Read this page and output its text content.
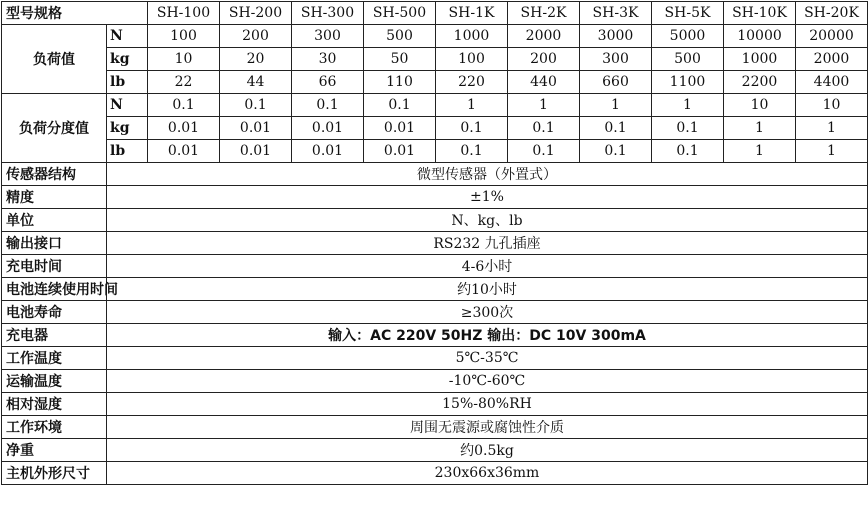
型号规格		SH-100	SH-200	SH-300	SH-500	SH-1K	SH-2K	SH-3K	SH-5K	SH-10K	SH-20K
负荷值	N	100	200	300	500	1000	2000	3000	5000	10000	20000
	kg	10	20	30	50	100	200	300	500	1000	2000
	lb	22	44	66	110	220	440	660	1100	2200	4400
负荷分度值	N	0.1	0.1	0.1	0.1	1	1	1	1	10	10
	kg	0.01	0.01	0.01	0.01	0.1	0.1	0.1	0.1	1	1
	lb	0.01	0.01	0.01	0.01	0.1	0.1	0.1	0.1	1	1
传感器结构	微型传感器（外置式）										
精度	±1%										
单位	N、kg、lb										
输出接口	RS232 九孔插座										
充电时间	4-6小时										
电池连续使用时间	约10小时										
电池寿命	≥300次										
充电器	输入：AC 220V 50HZ 输出：DC 10V 300mA										
工作温度	5℃-35℃										
运输温度	-10℃-60℃										
相对湿度	15%-80%RH										
工作环境	周围无震源或腐蚀性介质										
净重	约0.5kg										
主机外形尺寸	230x66x36mm										
